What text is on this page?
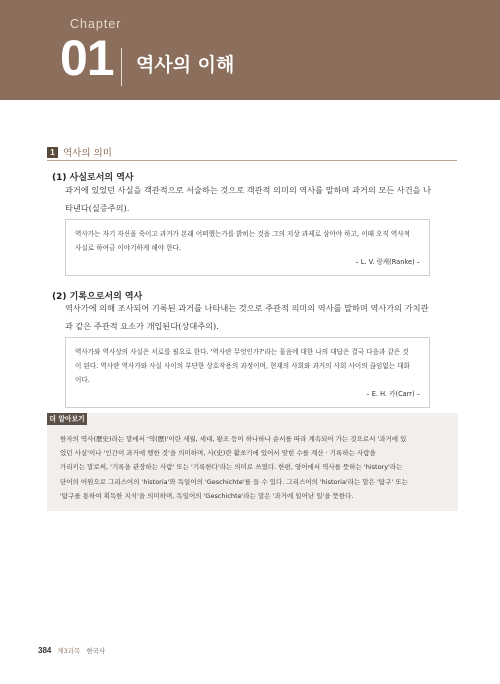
Chapter
01 역사의 이해
1 역사의 의미
(1) 사실로서의 역사
과거에 있었던 사실을 객관적으로 서술하는 것으로 객관적 의미의 역사를 말하며 과거의 모든 사건을 나
타낸다(실증주의).
역사가는 자기 자신을 죽이고 과거가 본래 어떠했는가를 밝히는 것을 그의 지상 과제로 삼아야 하고, 이때 오직 역사적
사실로 하여금 이야기하게 해야 한다.
– L. V. 랑케(Ranke) –
(2) 기록으로서의 역사
역사가에 의해 조사되어 기록된 과거를 나타내는 것으로 주관적 의미의 역사를 말하며 역사가의 가치관
과 같은 주관적 요소가 개입된다(상대주의).
역사가와 역사상의 사실은 서로를 필요로 한다. '역사란 무엇인가?'라는 물음에 대한 나의 대답은 결국 다음과 같은 것
이 된다. 역사란 역사가와 사실 사이의 부단한 상호작용의 과정이며, 현재의 사회와 과거의 사회 사이의 끊임없는 대화
이다.
– E. H. 카(Carr) –
더 알아보기
한자의 역사(歷史)라는 말에서 '역(歷)'이란 세월, 세대, 왕조 등이 하나하나 순서를 따라 계속되어 가는 것으로서 '과거에 있
었던 사실'이나 '인간이 과거에 행한 것'을 의미하며, 사(史)란 활쏘기에 있어서 맞힌 수를 계산 · 기록하는 사람을
가리키는 말로써, '기록을 관장하는 사람' 또는 '기록한다'라는 의미로 쓰였다. 한편, 영어에서 역사를 뜻하는 'history'라는
단어의 어원으로 그리스어의 'historia'와 독일어의 'Geschichte'를 들 수 있다. 그리스어의 'historia'라는 말은 '탐구' 또는
'탐구를 통하여 획득한 지식'을 의미하며, 독일어의 'Geschichte'라는 말은 '과거에 일어난 일'을 뜻한다.
384 제3과목 한국사
